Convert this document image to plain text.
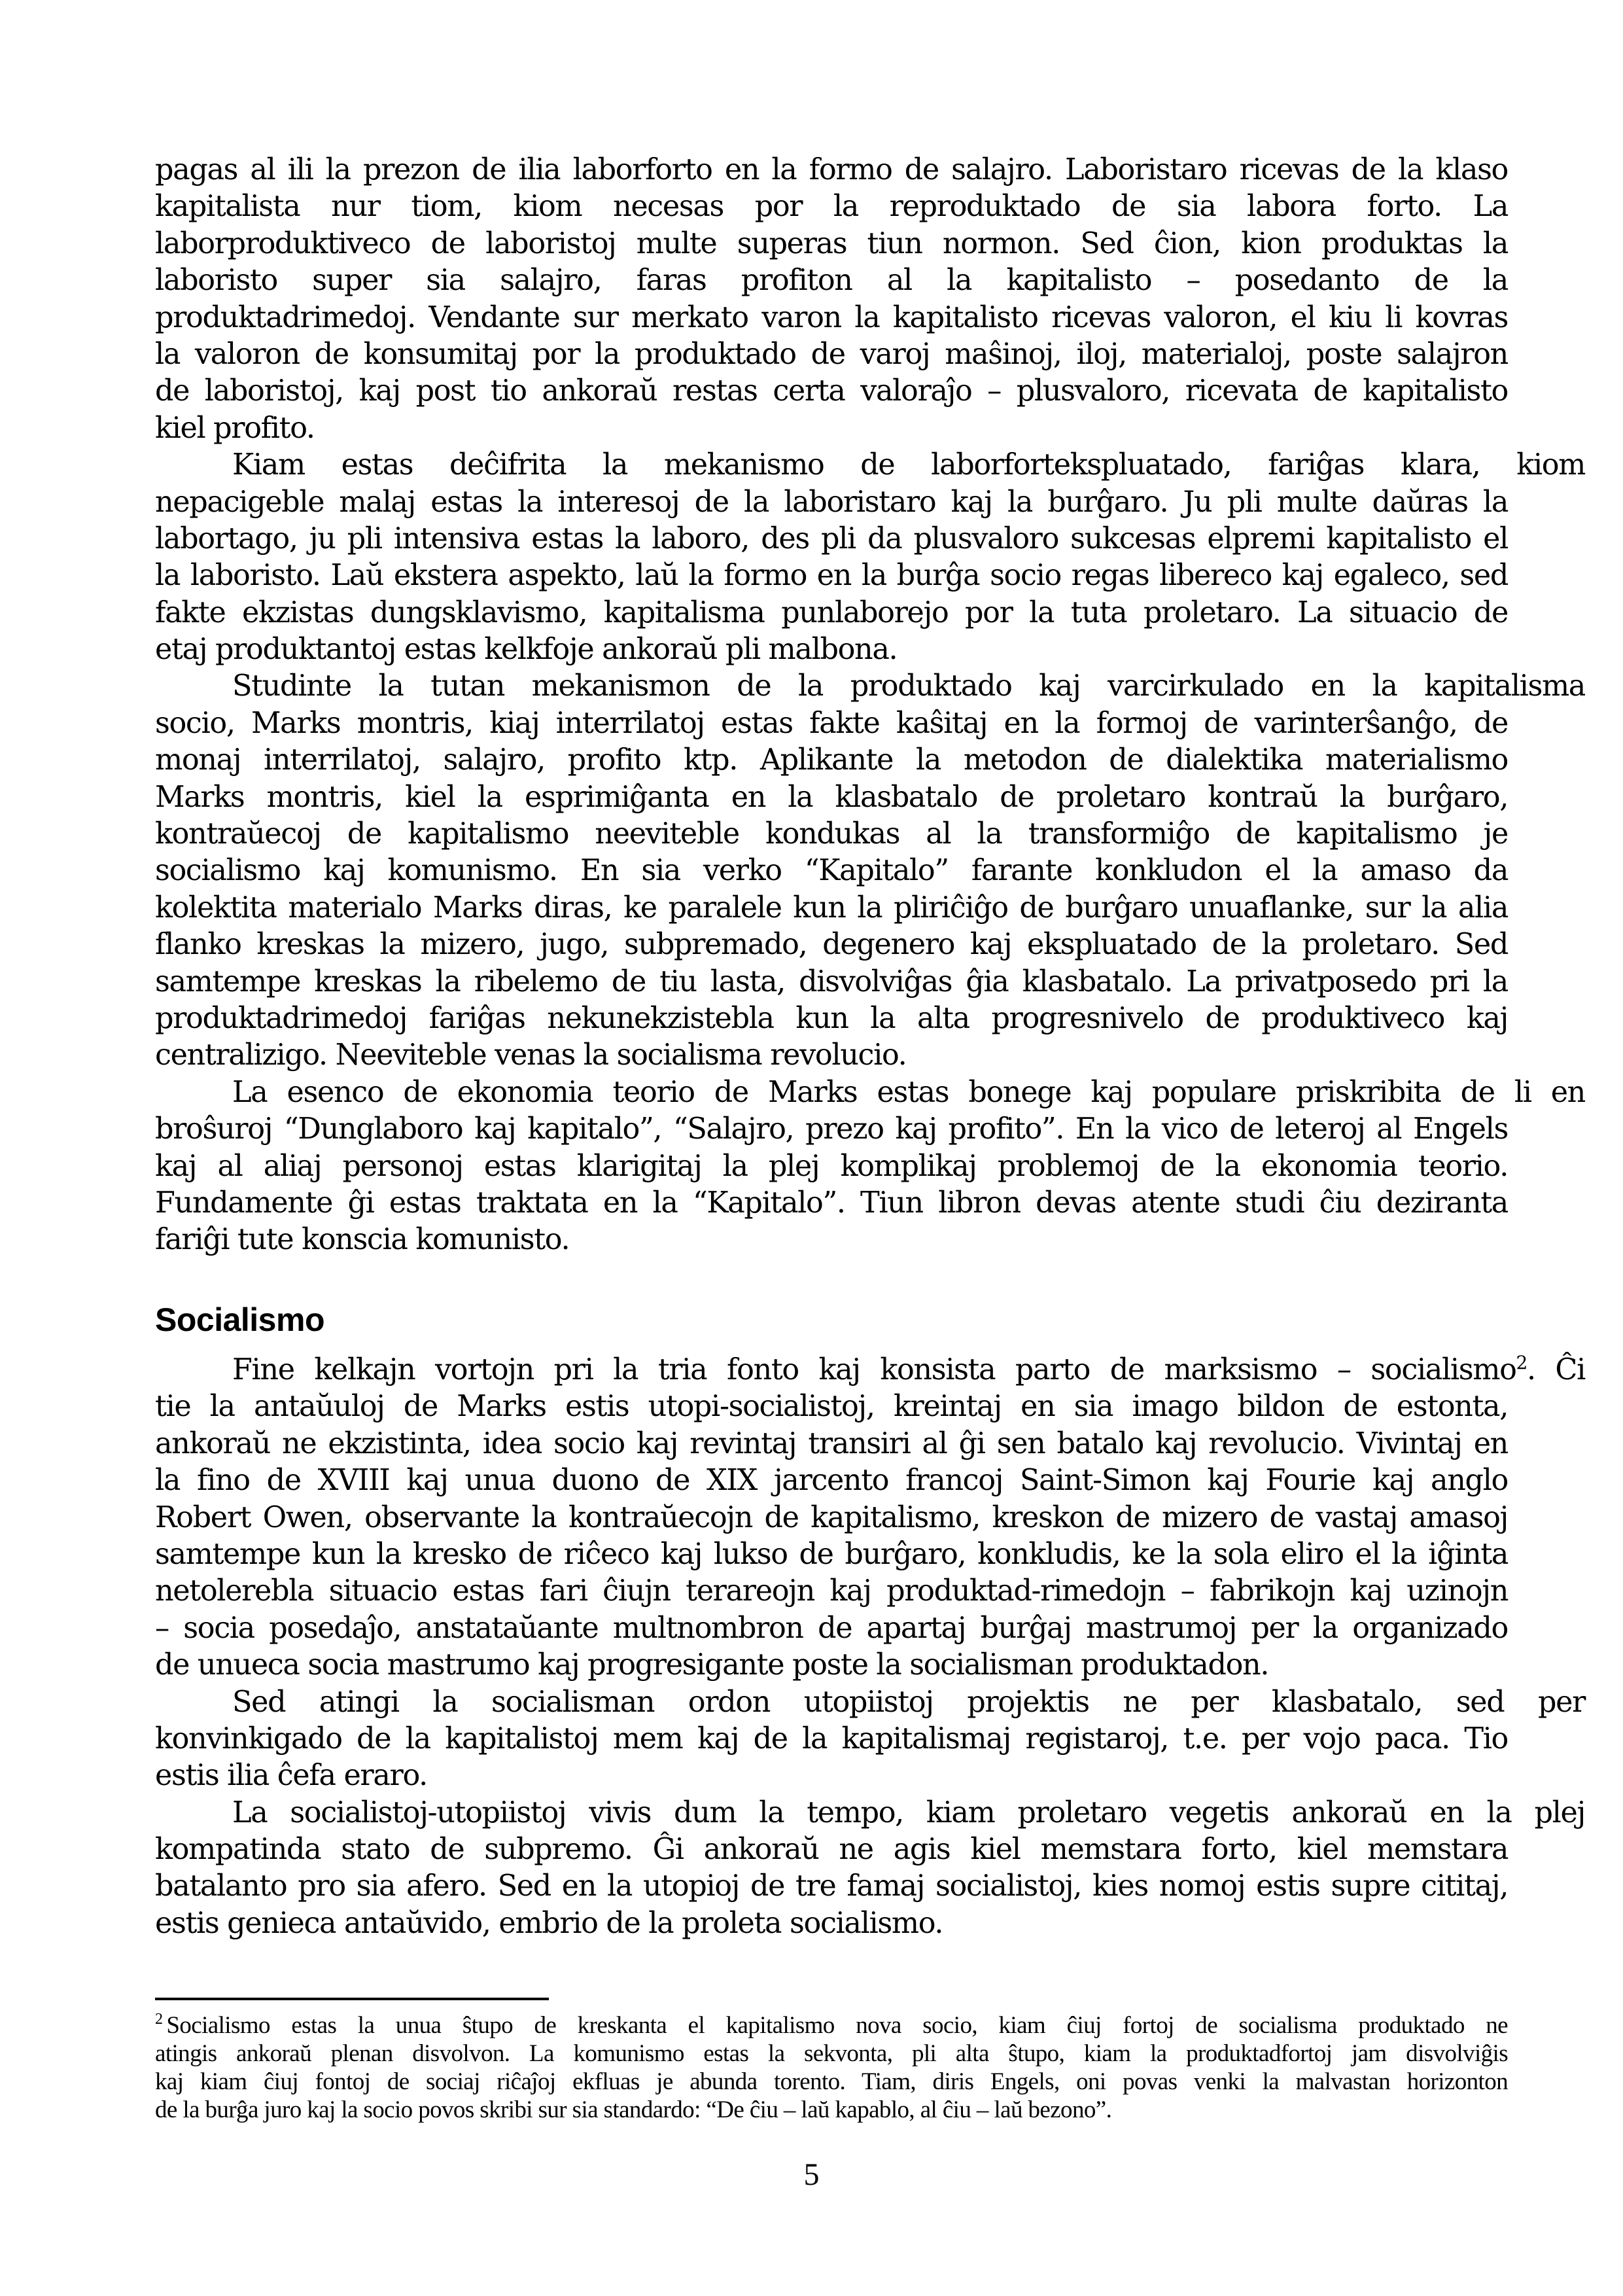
pagas al ili la prezon de ilia laborforto en la formo de salajro. Laboristaro ricevas de la klaso
kapitalista nur tiom, kiom necesas por la reproduktado de sia labora forto. La
laborproduktiveco de laboristoj multe superas tiun normon. Sed ĉion, kion produktas la
laboristo super sia salajro, faras profiton al la kapitalisto – posedanto de la
produktadrimedoj. Vendante sur merkato varon la kapitalisto ricevas valoron, el kiu li kovras
la valoron de konsumitaj por la produktado de varoj maŝinoj, iloj, materialoj, poste salajron
de laboristoj, kaj post tio ankoraŭ restas certa valoraĵo – plusvaloro, ricevata de kapitalisto
kiel profito.
Kiam estas deĉifrita la mekanismo de laborfortekspluatado, fariĝas klara, kiom
nepacigeble malaj estas la interesoj de la laboristaro kaj la burĝaro. Ju pli multe daŭras la
labortago, ju pli intensiva estas la laboro, des pli da plusvaloro sukcesas elpremi kapitalisto el
la laboristo. Laŭ ekstera aspekto, laŭ la formo en la burĝa socio regas libereco kaj egaleco, sed
fakte ekzistas dungsklavismo, kapitalisma punlaborejo por la tuta proletaro. La situacio de
etaj produktantoj estas kelkfoje ankoraŭ pli malbona.
Studinte la tutan mekanismon de la produktado kaj varcirkulado en la kapitalisma
socio, Marks montris, kiaj interrilatoj estas fakte kaŝitaj en la formoj de varinterŝanĝo, de
monaj interrilatoj, salajro, profito ktp. Aplikante la metodon de dialektika materialismo
Marks montris, kiel la esprimiĝanta en la klasbatalo de proletaro kontraŭ la burĝaro,
kontraŭecoj de kapitalismo neeviteble kondukas al la transformiĝo de kapitalismo je
socialismo kaj komunismo. En sia verko “Kapitalo” farante konkludon el la amaso da
kolektita materialo Marks diras, ke paralele kun la pliriĉiĝo de burĝaro unuaflanke, sur la alia
flanko kreskas la mizero, jugo, subpremado, degenero kaj ekspluatado de la proletaro. Sed
samtempe kreskas la ribelemo de tiu lasta, disvolviĝas ĝia klasbatalo. La privatposedo pri la
produktadrimedoj fariĝas nekunekzistebla kun la alta progresnivelo de produktiveco kaj
centralizigo. Neeviteble venas la socialisma revolucio.
La esenco de ekonomia teorio de Marks estas bonege kaj populare priskribita de li en
broŝuroj “Dunglaboro kaj kapitalo”, “Salajro, prezo kaj profito”. En la vico de leteroj al Engels
kaj al aliaj personoj estas klarigitaj la plej komplikaj problemoj de la ekonomia teorio.
Fundamente ĝi estas traktata en la “Kapitalo”. Tiun libron devas atente studi ĉiu deziranta
fariĝi tute konscia komunisto.
Socialismo
Fine kelkajn vortojn pri la tria fonto kaj konsista parto de marksismo – socialismo$^2$. Ĉi
tie la antaŭuloj de Marks estis utopi-socialistoj, kreintaj en sia imago bildon de estonta,
ankoraŭ ne ekzistinta, idea socio kaj revintaj transiri al ĝi sen batalo kaj revolucio. Vivintaj en
la fino de XVIII kaj unua duono de XIX jarcento francoj Saint-Simon kaj Fourie kaj anglo
Robert Owen, observante la kontraŭecojn de kapitalismo, kreskon de mizero de vastaj amasoj
samtempe kun la kresko de riĉeco kaj lukso de burĝaro, konkludis, ke la sola eliro el la iĝinta
netolerebla situacio estas fari ĉiujn terareojn kaj produktad-rimedojn – fabrikojn kaj uzinojn
– socia posedaĵo, anstataŭante multnombron de apartaj burĝaj mastrumoj per la organizado
de unueca socia mastrumo kaj progresigante poste la socialisman produktadon.
Sed atingi la socialisman ordon utopiistoj projektis ne per klasbatalo, sed per
konvinkigado de la kapitalistoj mem kaj de la kapitalismaj registaroj, t.e. per vojo paca. Tio
estis ilia ĉefa eraro.
La socialistoj-utopiistoj vivis dum la tempo, kiam proletaro vegetis ankoraŭ en la plej
kompatinda stato de subpremo. Ĝi ankoraŭ ne agis kiel memstara forto, kiel memstara
batalanto pro sia afero. Sed en la utopioj de tre famaj socialistoj, kies nomoj estis supre cititaj,
estis genieca antaŭvido, embrio de la proleta socialismo.
$^2$ Socialismo estas la unua ŝtupo de kreskanta el kapitalismo nova socio, kiam ĉiuj fortoj de socialisma produktado ne
atingis ankoraŭ plenan disvolvon. La komunismo estas la sekvonta, pli alta ŝtupo, kiam la produktadfortoj jam disvolviĝis
kaj kiam ĉiuj fontoj de sociaj riĉaĵoj ekfluas je abunda torento. Tiam, diris Engels, oni povas venki la malvastan horizonton
de la burĝa juro kaj la socio povos skribi sur sia standardo: “De ĉiu – laŭ kapablo, al ĉiu – laŭ bezono”.
5
